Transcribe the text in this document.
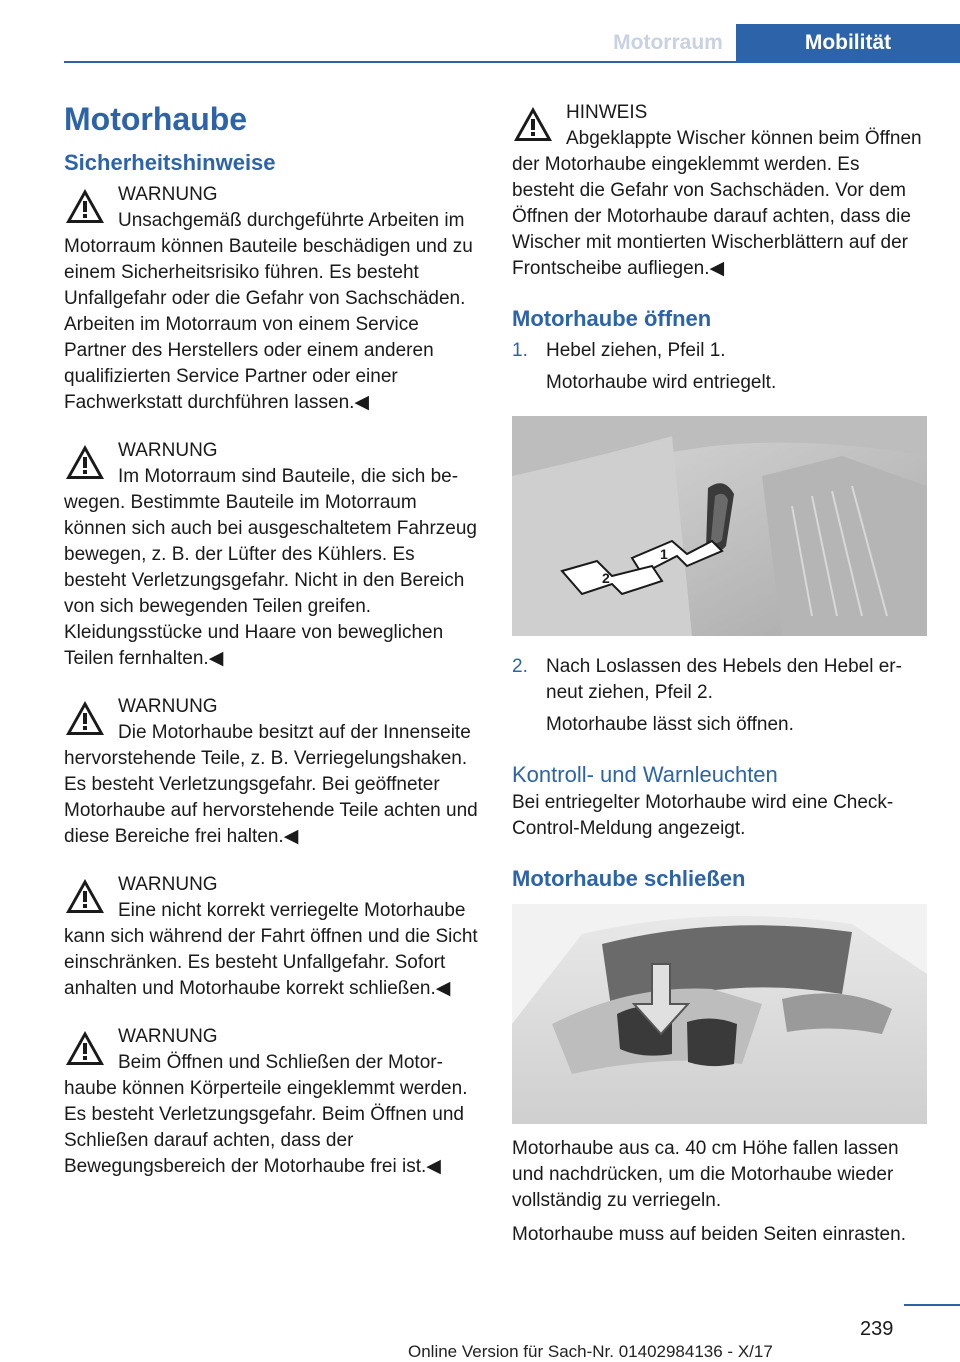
Motorraum	Mobilität
Motorhaube
Sicherheitshinweise

WARNUNG

Unsachgemäß durchgeführte Arbeiten im Motorraum können Bauteile beschädigen und zu einem Sicherheitsrisiko führen. Es besteht Unfallgefahr oder die Gefahr von Sachschäden. Arbeiten im Motorraum von einem Service Partner des Herstellers oder einem anderen qualifizierten Service Partner oder einer Fachwerkstatt durchführen lassen.◀

WARNUNG

Im Motorraum sind Bauteile, die sich bewegen. Bestimmte Bauteile im Motorraum können sich auch bei ausgeschaltetem Fahrzeug bewegen, z. B. der Lüfter des Kühlers. Es besteht Verletzungsgefahr. Nicht in den Bereich von sich bewegenden Teilen greifen. Kleidungsstücke und Haare von beweglichen Teilen fernhalten.◀

WARNUNG

Die Motorhaube besitzt auf der Innenseite hervorstehende Teile, z. B. Verriegelungshaken. Es besteht Verletzungsgefahr. Bei geöffneter Motorhaube auf hervorstehende Teile achten und diese Bereiche frei halten.◀

WARNUNG

Eine nicht korrekt verriegelte Motorhaube kann sich während der Fahrt öffnen und die Sicht einschränken. Es besteht Unfallgefahr. Sofort anhalten und Motorhaube korrekt schließen.◀

WARNUNG

Beim Öffnen und Schließen der Motorhaube können Körperteile eingeklemmt werden. Es besteht Verletzungsgefahr. Beim Öffnen und Schließen darauf achten, dass der Bewegungsbereich der Motorhaube frei ist.◀

HINWEIS

Abgeklappte Wischer können beim Öffnen der Motorhaube eingeklemmt werden. Es besteht die Gefahr von Sachschäden. Vor dem Öffnen der Motorhaube darauf achten, dass die Wischer mit montierten Wischerblättern auf der Frontscheibe aufliegen.◀

Motorhaube öffnen
1. Hebel ziehen, Pfeil 1.
Motorhaube wird entriegelt.
1
2
2. Nach Loslassen des Hebels den Hebel erneut ziehen, Pfeil 2.
Motorhaube lässt sich öffnen.
Kontroll- und Warnleuchten

Bei entriegelter Motorhaube wird eine Check-Control-Meldung angezeigt.

Motorhaube schließen

Motorhaube aus ca. 40 cm Höhe fallen lassen und nachdrücken, um die Motorhaube wieder vollständig zu verriegeln.

Motorhaube muss auf beiden Seiten einrasten.

239
Online Version für Sach-Nr. 01402984136 - X/17
